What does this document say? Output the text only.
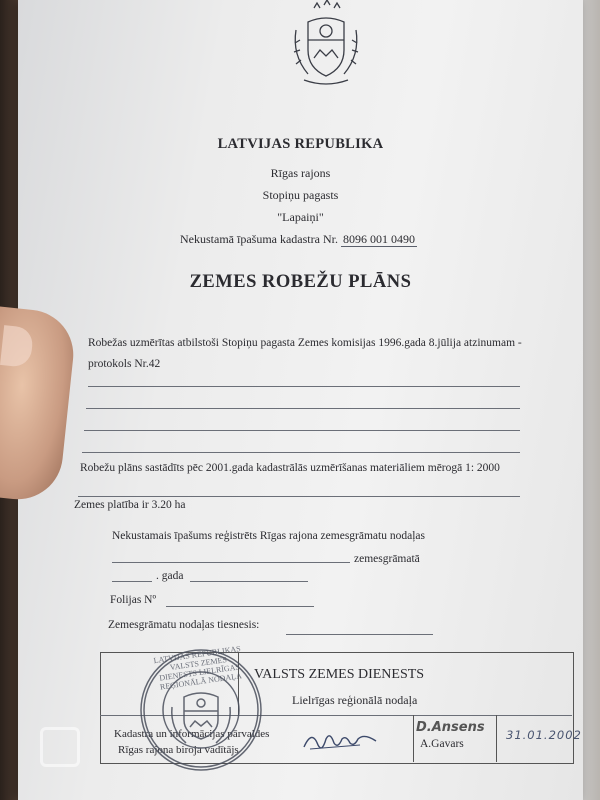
LATVIJAS REPUBLIKA
Rīgas rajons
Stopiņu pagasts
"Lapaiņi"
Nekustamā īpašuma kadastra Nr. 8096 001 0490
ZEMES ROBEŽU PLĀNS
Robežas uzmērītas atbilstoši Stopiņu pagasta Zemes komisijas 1996.gada 8.jūlija atzinumam -
protokols Nr.42
Robežu plāns sastādīts pēc 2001.gada kadastrālās uzmērīšanas materiāliem mērogā 1: 2000
Zemes platība ir 3.20 ha
Nekustamais īpašums reģistrēts Rīgas rajona zemesgrāmatu nodaļas
zemesgrāmatā
. gada
Folijas Nº
Zemesgrāmatu nodaļas tiesnesis:
VALSTS ZEMES DIENESTS
Lielrīgas reģionālā nodaļa
Kadastra un informācijas pārvaldes
Rīgas rajona biroja vadītājs
D.Ansens
A.Gavars
31.01.2002
LATVIJAS REPUBLIKAS VALSTS ZEMES DIENESTS LIELRĪGAS REĢIONĀLĀ NODAĻA
